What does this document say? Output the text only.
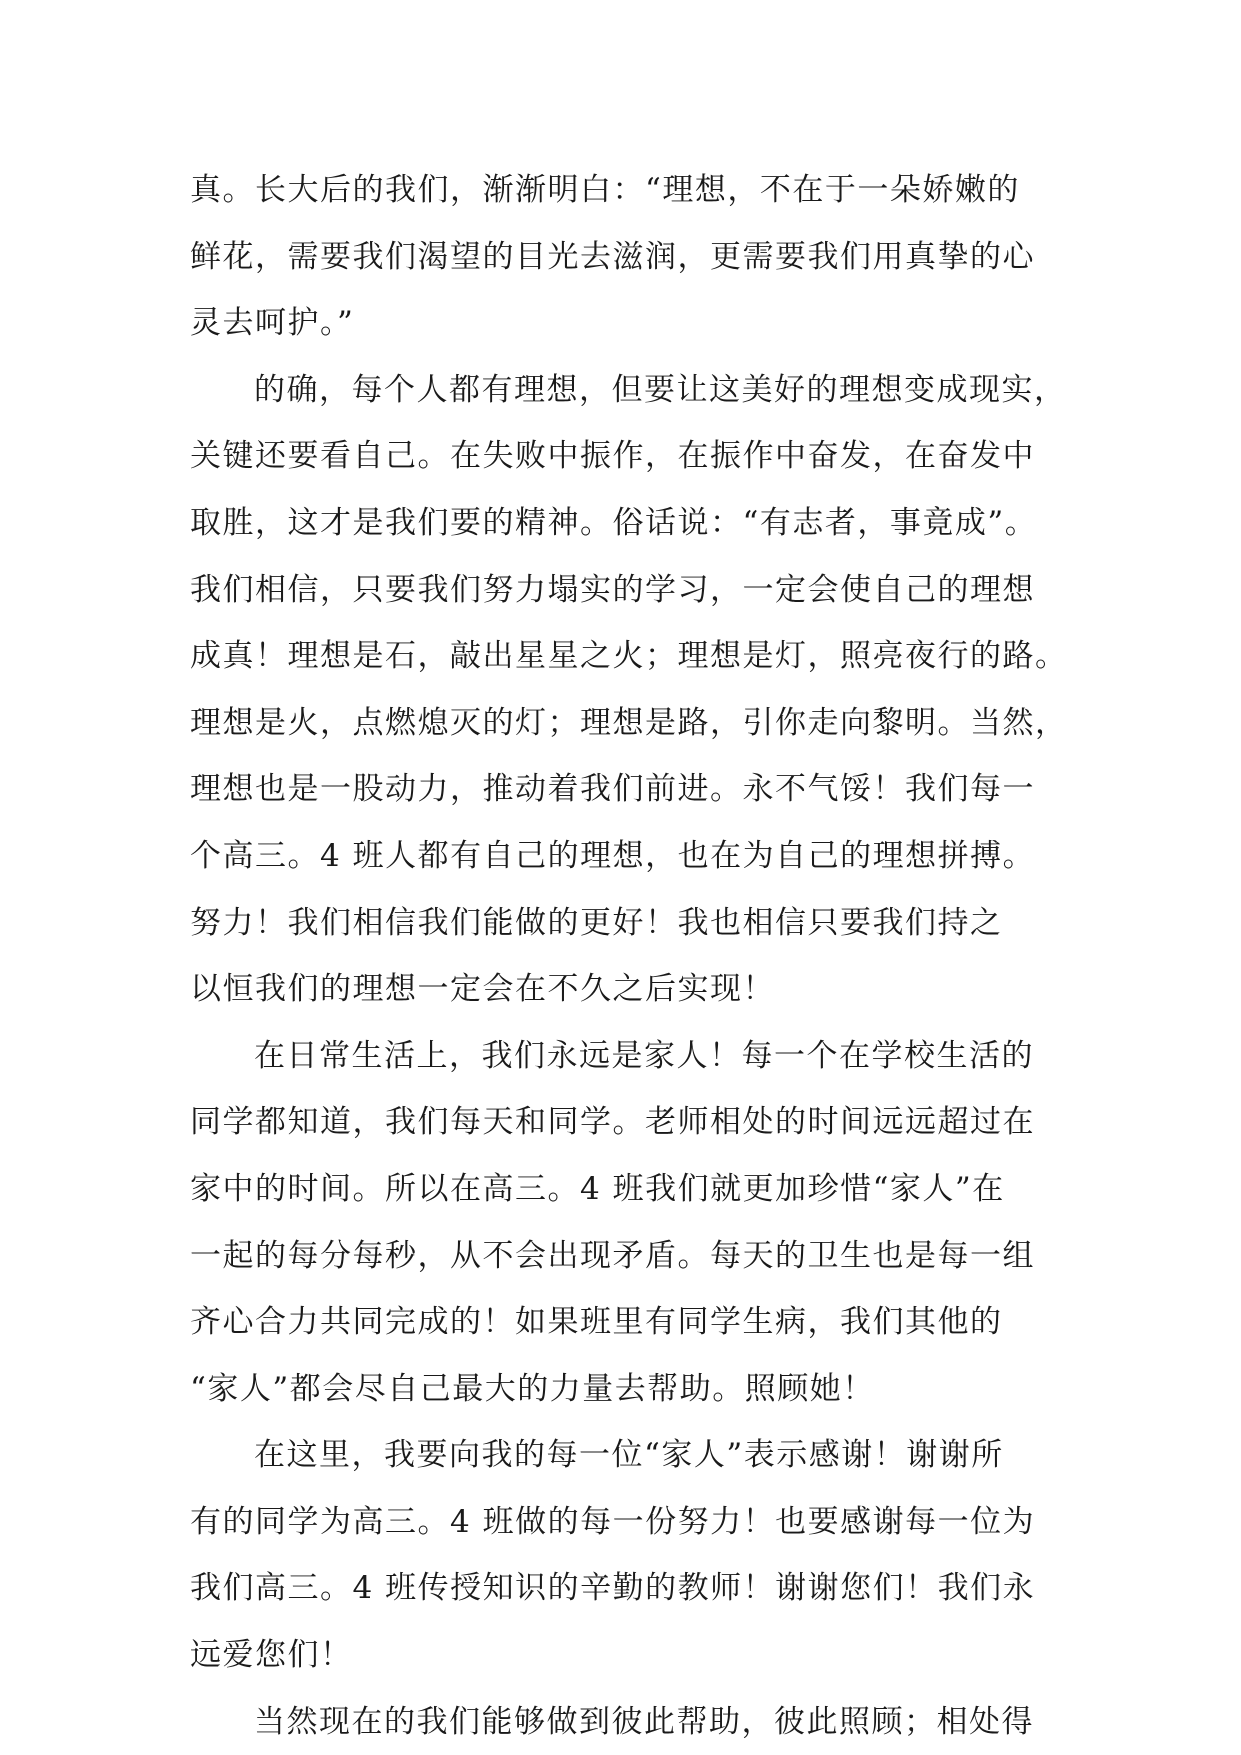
真。长大后的我们，渐渐明白：“理想，不在于一朵娇嫩的
鲜花，需要我们渴望的目光去滋润，更需要我们用真挚的心
灵去呵护。”
的确，每个人都有理想，但要让这美好的理想变成现实，
关键还要看自己。在失败中振作，在振作中奋发，在奋发中
取胜，这才是我们要的精神。俗话说：“有志者，事竟成”。
我们相信，只要我们努力塌实的学习，一定会使自己的理想
成真！理想是石，敲出星星之火；理想是灯，照亮夜行的路。
理想是火，点燃熄灭的灯；理想是路，引你走向黎明。当然，
理想也是一股动力，推动着我们前进。永不气馁！我们每一
个高三。4 班人都有自己的理想，也在为自己的理想拼搏。
努力！我们相信我们能做的更好！我也相信只要我们持之
以恒我们的理想一定会在不久之后实现！
在日常生活上，我们永远是家人！每一个在学校生活的
同学都知道，我们每天和同学。老师相处的时间远远超过在
家中的时间。所以在高三。4 班我们就更加珍惜“家人”在
一起的每分每秒，从不会出现矛盾。每天的卫生也是每一组
齐心合力共同完成的！如果班里有同学生病，我们其他的
“家人”都会尽自己最大的力量去帮助。照顾她！
在这里，我要向我的每一位“家人”表示感谢！谢谢所
有的同学为高三。4 班做的每一份努力！也要感谢每一位为
我们高三。4 班传授知识的辛勤的教师！谢谢您们！我们永
远爱您们！
当然现在的我们能够做到彼此帮助，彼此照顾；相处得
